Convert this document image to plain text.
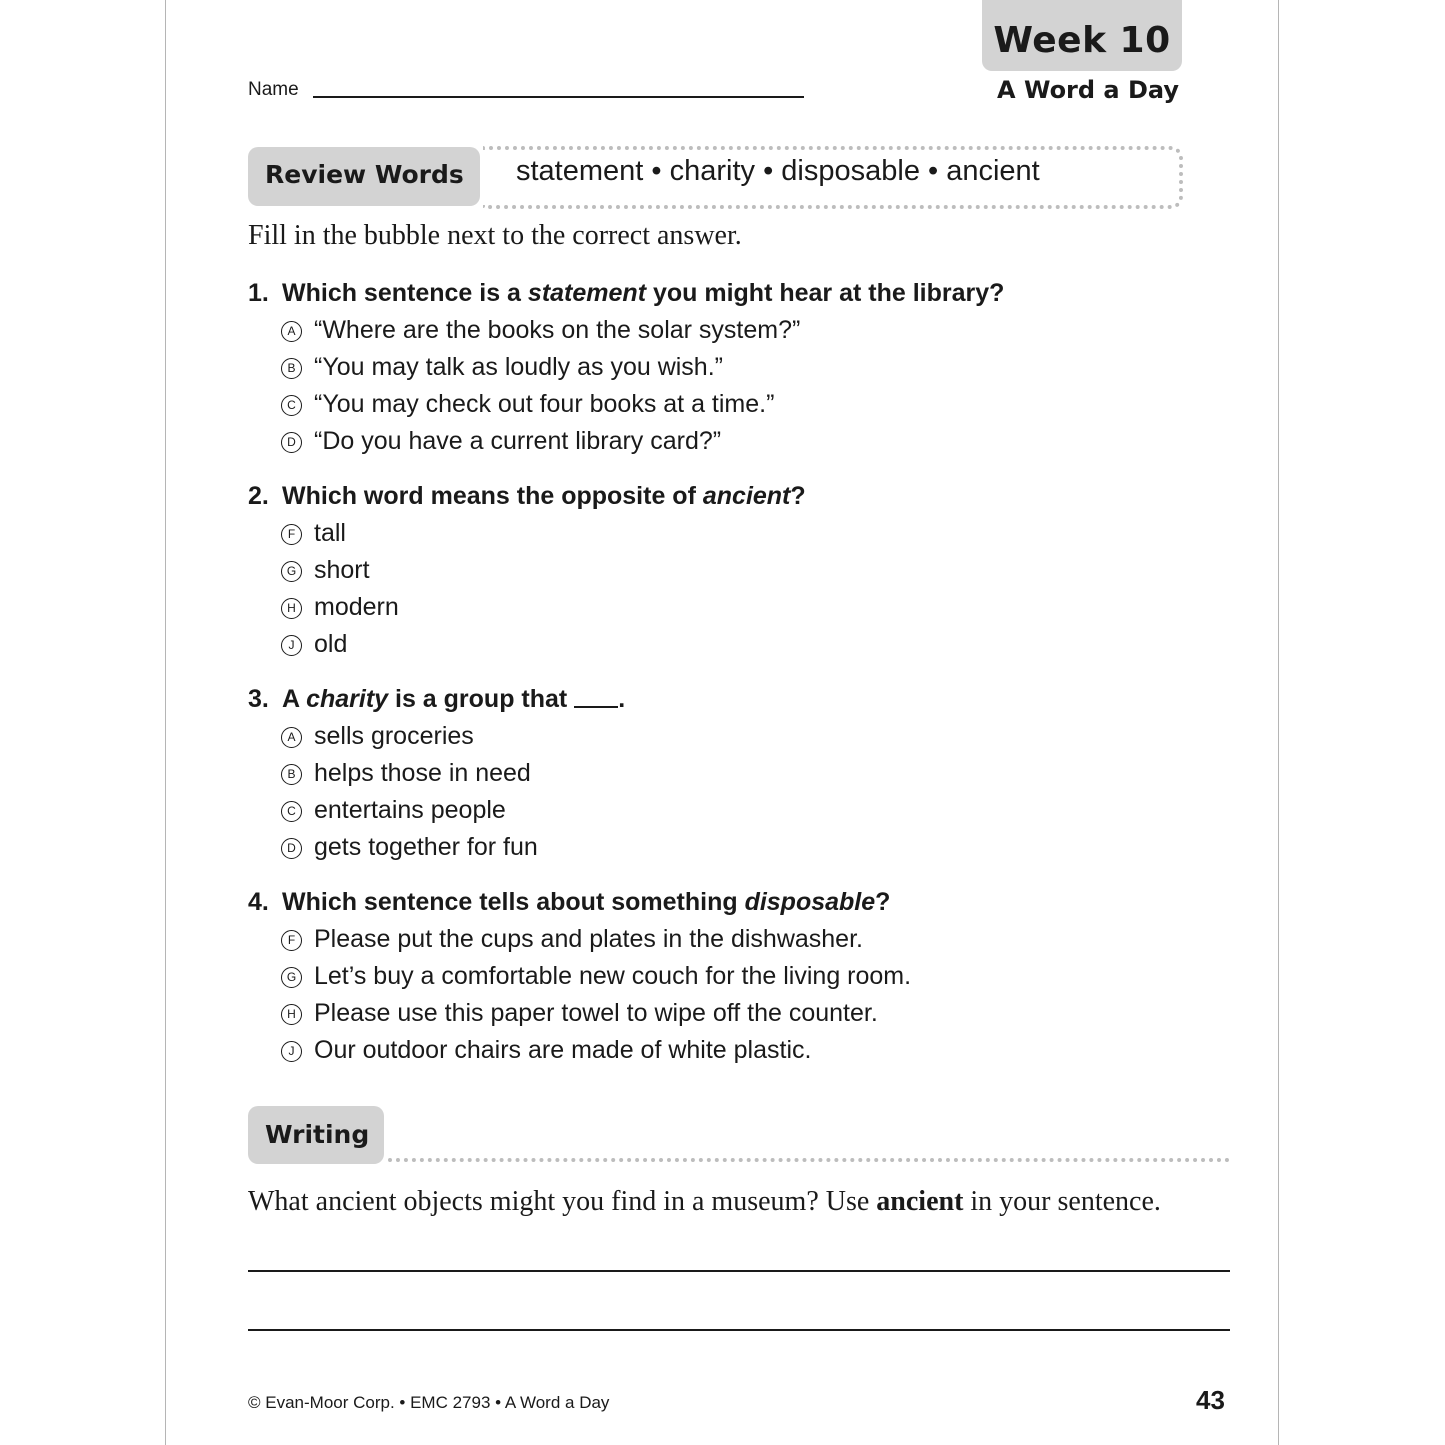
Week 10
A Word a Day
Name
Review Words statement • charity • disposable • ancient
Fill in the bubble next to the correct answer.
1. Which sentence is a statement you might hear at the library?
A “Where are the books on the solar system?”
B “You may talk as loudly as you wish.”
C “You may check out four books at a time.”
D “Do you have a current library card?”
2. Which word means the opposite of ancient?
F tall
G short
H modern
J old
3. A charity is a group that .
A sells groceries
B helps those in need
C entertains people
D gets together for fun
4. Which sentence tells about something disposable?
F Please put the cups and plates in the dishwasher.
G Let’s buy a comfortable new couch for the living room.
H Please use this paper towel to wipe off the counter.
J Our outdoor chairs are made of white plastic.
Writing
What ancient objects might you find in a museum? Use ancient in your sentence.
© Evan-Moor Corp. • EMC 2793 • A Word a Day	43
